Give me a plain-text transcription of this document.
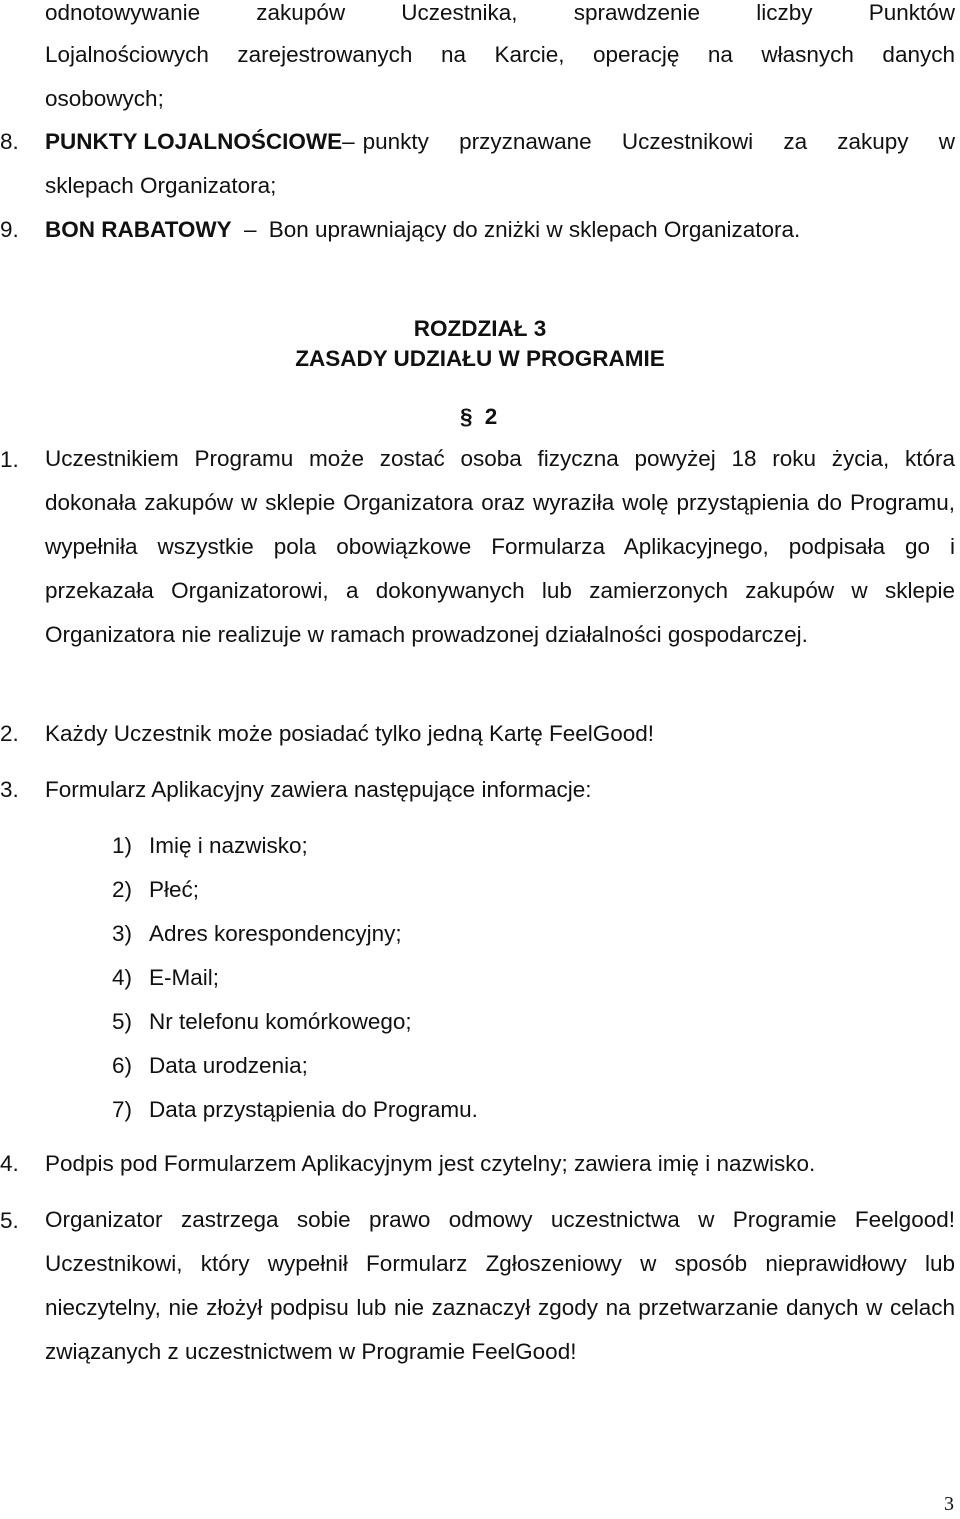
odnotowywanie zakupów Uczestnika, sprawdzenie liczby Punktów
Lojalnościowych zarejestrowanych na Karcie, operację na własnych danych
osobowych;
8. PUNKTY LOJALNOŚCIOWE – punkty przyznawane Uczestnikowi za zakupy w
sklepach Organizatora;
9. BON RABATOWY – Bon uprawniający do zniżki w sklepach Organizatora.
ROZDZIAŁ 3
ZASADY UDZIAŁU W PROGRAMIE
§ 2
1. Uczestnikiem Programu może zostać osoba fizyczna powyżej 18 roku życia, która dokonała zakupów w sklepie Organizatora oraz wyraziła wolę przystąpienia do Programu, wypełniła wszystkie pola obowiązkowe Formularza Aplikacyjnego, podpisała go i przekazała Organizatorowi, a dokonywanych lub zamierzonych zakupów w sklepie Organizatora nie realizuje w ramach prowadzonej działalności gospodarczej.
2. Każdy Uczestnik może posiadać tylko jedną Kartę FeelGood!
3. Formularz Aplikacyjny zawiera następujące informacje:
1) Imię i nazwisko;
2) Płeć;
3) Adres korespondencyjny;
4) E-Mail;
5) Nr telefonu komórkowego;
6) Data urodzenia;
7) Data przystąpienia do Programu.
4. Podpis pod Formularzem Aplikacyjnym jest czytelny; zawiera imię i nazwisko.
5. Organizator zastrzega sobie prawo odmowy uczestnictwa w Programie Feelgood! Uczestnikowi, który wypełnił Formularz Zgłoszeniowy w sposób nieprawidłowy lub nieczytelny, nie złożył podpisu lub nie zaznaczył zgody na przetwarzanie danych w celach związanych z uczestnictwem w Programie FeelGood!
3
